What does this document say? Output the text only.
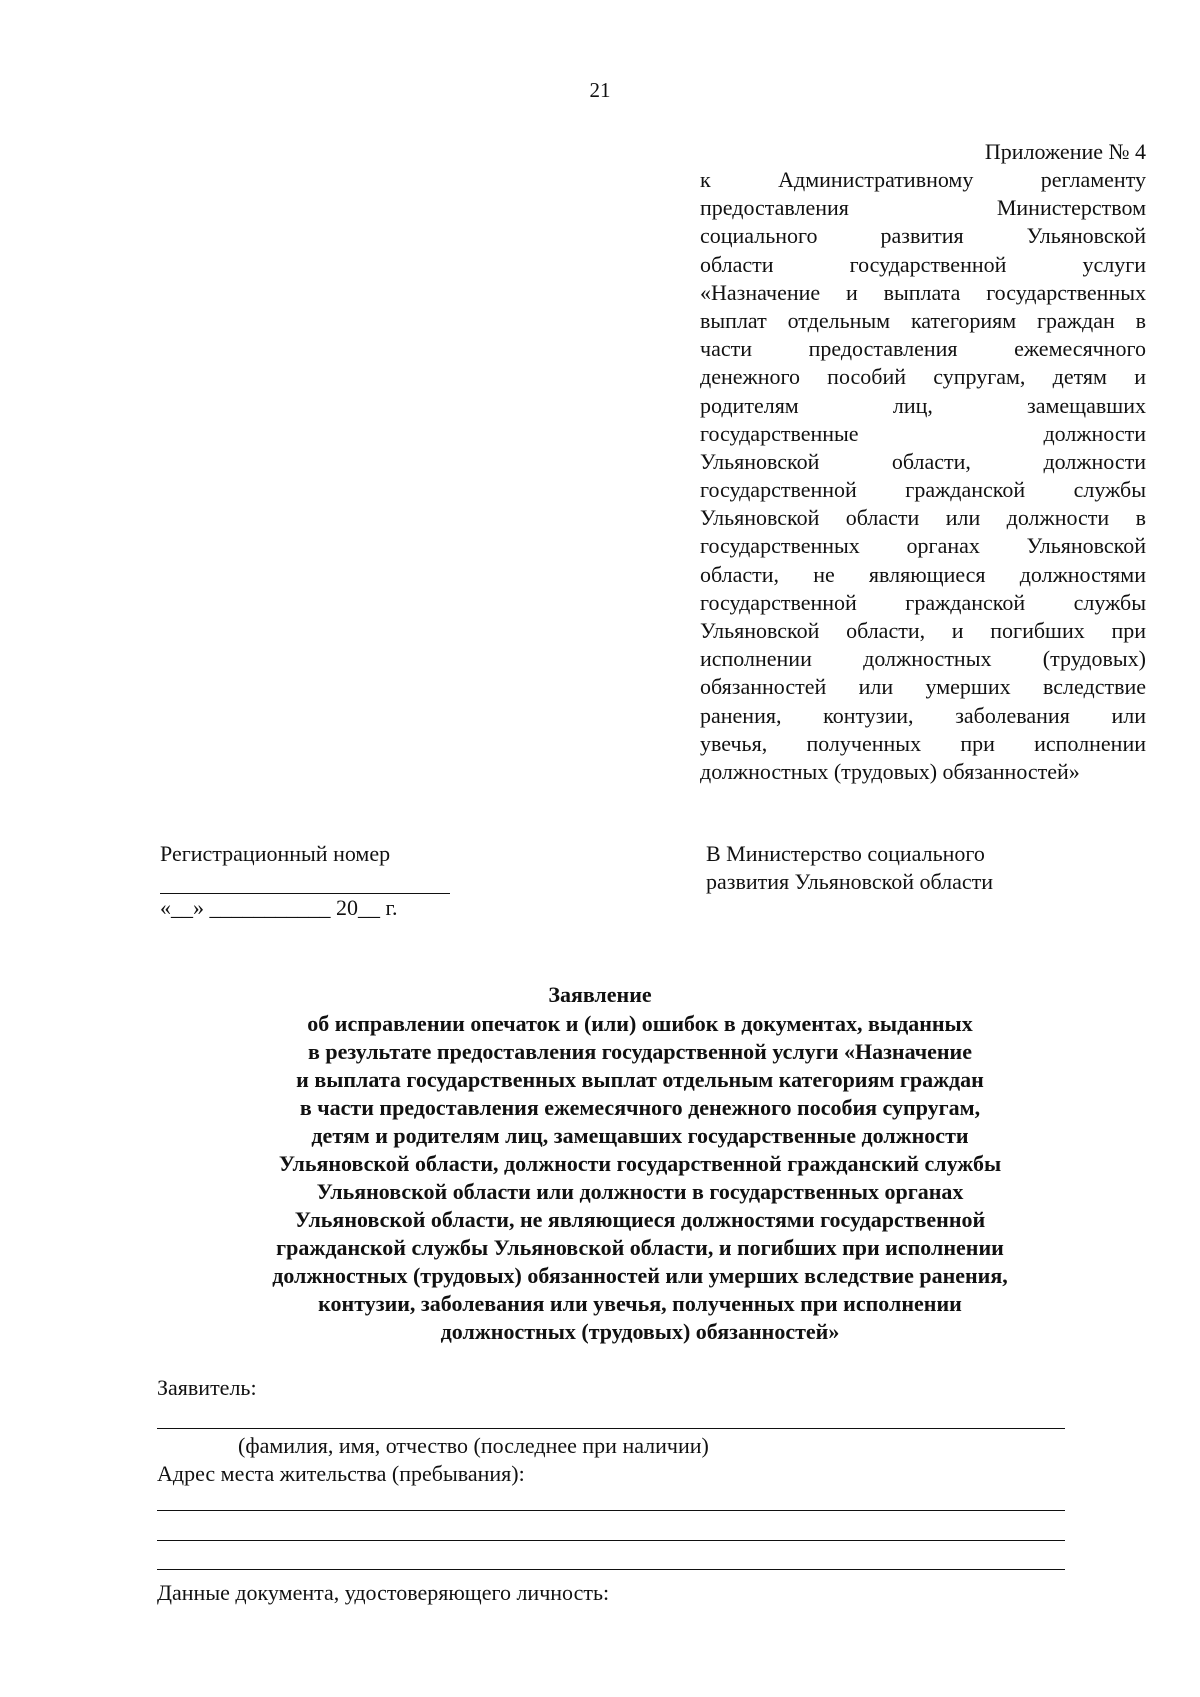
21
Приложение № 4
к Административному регламенту
предоставления Министерством
социального развития Ульяновской
области государственной услуги
«Назначение и выплата государственных
выплат отдельным категориям граждан в
части предоставления ежемесячного
денежного пособий супругам, детям и
родителям лиц, замещавших
государственные должности
Ульяновской области, должности
государственной гражданской службы
Ульяновской области или должности в
государственных органах Ульяновской
области, не являющиеся должностями
государственной гражданской службы
Ульяновской области, и погибших при
исполнении должностных (трудовых)
обязанностей или умерших вследствие
ранения, контузии, заболевания или
увечья, полученных при исполнении
должностных (трудовых) обязанностей»
Регистрационный номер
«__» ___________ 20__ г.
В Министерство социального
развития Ульяновской области
Заявление
об исправлении опечаток и (или) ошибок в документах, выданных
в результате предоставления государственной услуги «Назначение
и выплата государственных выплат отдельным категориям граждан
в части предоставления ежемесячного денежного пособия супругам,
детям и родителям лиц, замещавших государственные должности
Ульяновской области, должности государственной гражданский службы
Ульяновской области или должности в государственных органах
Ульяновской области, не являющиеся должностями государственной
гражданской службы Ульяновской области, и погибших при исполнении
должностных (трудовых) обязанностей или умерших вследствие ранения,
контузии, заболевания или увечья, полученных при исполнении
должностных (трудовых) обязанностей»
Заявитель:
(фамилия, имя, отчество (последнее при наличии)
Адрес места жительства (пребывания):
Данные документа, удостоверяющего личность:
